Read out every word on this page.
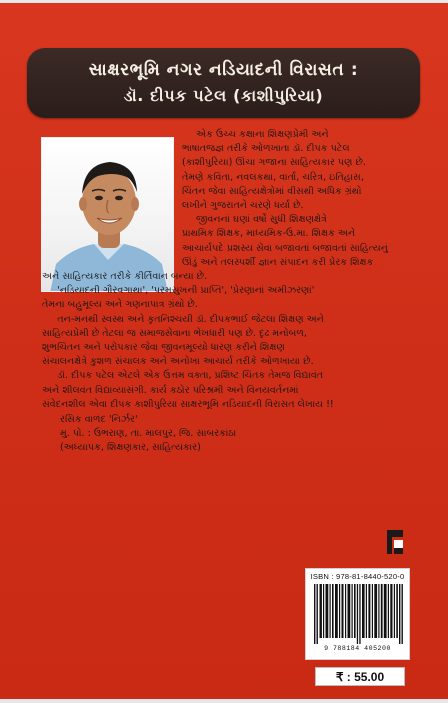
સાક્ષરભૂમિ નગર નડિયાદની વિરાસત :
ડૉ. દીપક પટેલ (કાશીપુરિયા)
એક ઉચ્ચ કક્ષાના શિક્ષણપ્રેમી અને
ભાષાતજજ્ઞ તરીકે ઓળખાતા ડૉ. દીપક પટેલ
(કાશીપુરિયા) ઊંચા ગજાના સાહિત્યકાર પણ છે.
તેમણે કવિતા, નવલકથા, વાર્તા, ચરિત્ર, ઇતિહાસ,
ચિંતન જેવા સાહિત્યક્ષેત્રોમાં વીસથી અધિક ગ્રંથો
લખીને ગુજરાતને ચરણે ધર્યા છે.
જીવનનાં ઘણાં વર્ષો સુધી શિક્ષણક્ષેત્રે
પ્રાથમિક શિક્ષક, માધ્યમિક-ઉ.મા. શિક્ષક અને
આચાર્યપદે પ્રશસ્ય સેવા બજાવતાં બજાવતાં સાહિત્યનું
ઊંડું અને તલસ્પર્શી જ્ઞાન સંપાદન કરી પ્રેરક શિક્ષક
અને સાહિત્યકાર તરીકે કીર્તિવાન બન્યા છે.
'નડિયાદની ગૌરવગાથા', 'પરમસુખની પ્રાપ્તિ', 'પ્રેરણાનાં અમીઝરણાં'
તેમના બહુમૂલ્ય અને ગણનાપાત્ર ગ્રંથો છે.
તન-મનથી સ્વસ્થ અને કૃતનિશ્ચયી ડૉ. દીપકભાઈ જેટલા શિક્ષણ અને
સાહિત્યપ્રેમી છે તેટલા જ સમાજસેવાના ભેખધારી પણ છે. દૃઢ મનોબળ,
શુભચિંતન અને પરોપકાર જેવા જીવનમૂલ્યો ધારણ કરીને શિક્ષણ
સંચાલનક્ષેત્રે કુશળ સંચાલક અને અનોખા આચાર્ય તરીકે ઓળખાયા છે.
ડૉ. દીપક પટેલ એટલે એક ઉત્તમ વક્તા, પ્રશિષ્ટ ચિંતક તેમજ વિદ્યાવંત
અને શીલવંત વિદ્યાવ્યાસંગી. કાર્ય કઠોર પરિશ્રમી અને વિનયવર્તનમાં
સંવેદનશીલ એવા દીપક કાશીપુરિયા સાક્ષરભૂમિ નડિયાદની વિરાસત લેખાય !!
રસિક વાળંદ 'નિર્ઝર'
મુ. પો. : ઉભરાણ, તા. માલપુર, જિ. સાબરકાંઠા
(અધ્યાપક, શિક્ષણકાર, સાહિત્યકાર)
ISBN : 978-81-8440-520-0
9 788184 405200
₹ : 55.00
